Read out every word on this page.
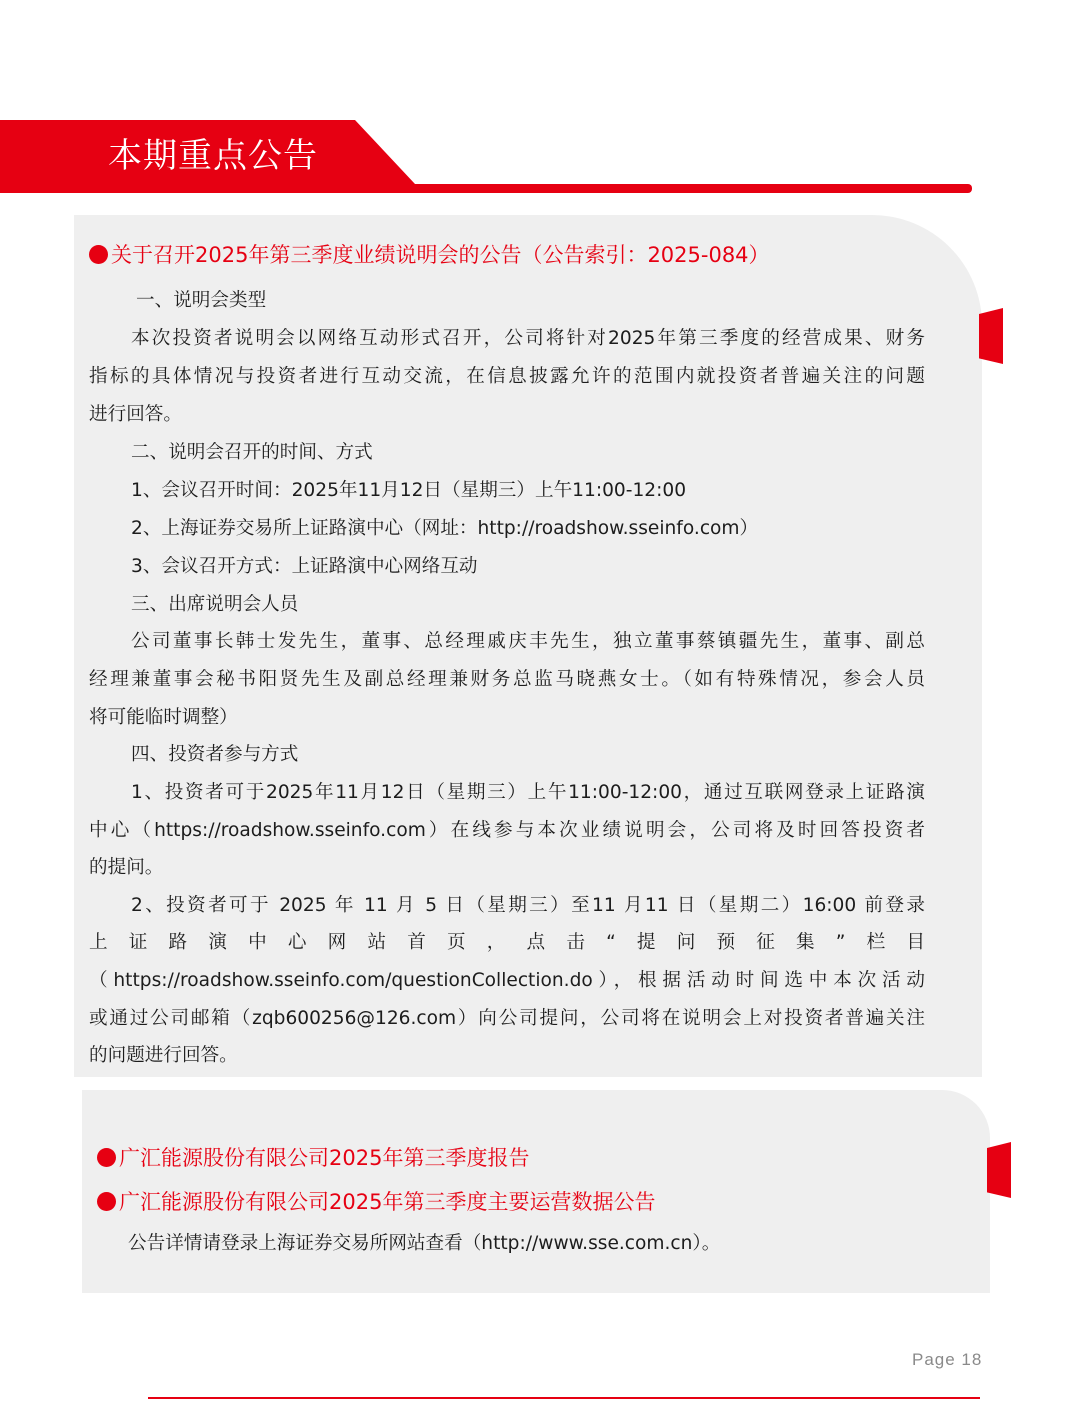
本期重点公告
关于召开2025年第三季度业绩说明会的公告（公告索引：2025-084）
一、说明会类型
本次投资者说明会以网络互动形式召开，公司将针对2025年第三季度的经营成果、财务
指标的具体情况与投资者进行互动交流，在信息披露允许的范围内就投资者普遍关注的问题
进行回答。
二、说明会召开的时间、方式
1、会议召开时间：2025年11月12日（星期三）上午11:00-12:00
2、上海证券交易所上证路演中心（网址：http://roadshow.sseinfo.com）
3、会议召开方式：上证路演中心网络互动
三、出席说明会人员
公司董事长韩士发先生，董事、总经理戚庆丰先生，独立董事蔡镇疆先生，董事、副总
经理兼董事会秘书阳贤先生及副总经理兼财务总监马晓燕女士。（如有特殊情况，参会人员
将可能临时调整）
四、投资者参与方式
1、投资者可于2025年11月12日（星期三）上午11:00-12:00，通过互联网登录上证路演
中心（https://roadshow.sseinfo.com）在线参与本次业绩说明会，公司将及时回答投资者
的提问。
2、投资者可于 2025 年 11 月 5 日（星期三）至11 月11 日（星期二）16:00 前登录
上证路演中心网站首页，点击“提问预征集”栏目
（https://roadshow.sseinfo.com/questionCollection.do），根据活动时间选中本次活动
或通过公司邮箱（zqb600256@126.com）向公司提问，公司将在说明会上对投资者普遍关注
的问题进行回答。
广汇能源股份有限公司2025年第三季度报告
广汇能源股份有限公司2025年第三季度主要运营数据公告
公告详情请登录上海证券交易所网站查看（http://www.sse.com.cn）。
Page 18
